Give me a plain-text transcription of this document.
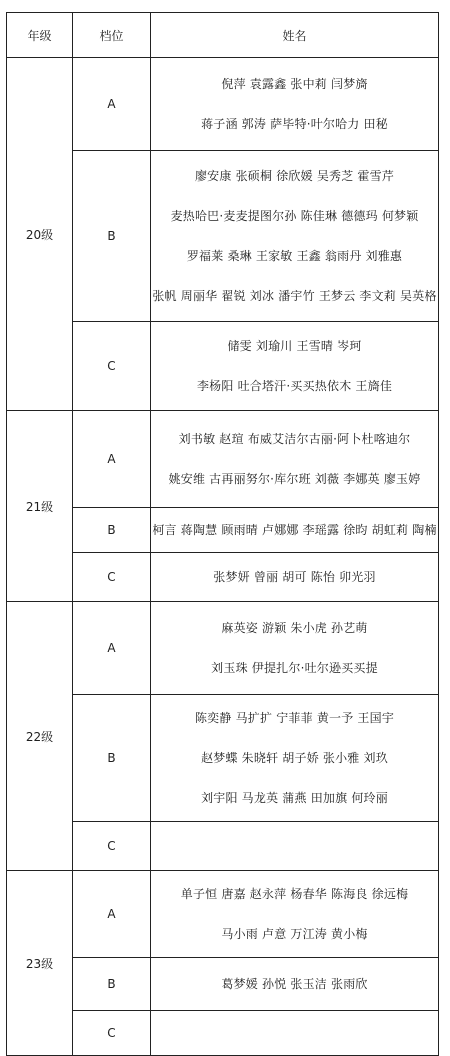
年级	档位	姓名
20级	A	倪萍 袁露鑫 张中莉 闫梦旖
蒋子涵 郭涛 萨毕特·叶尔哈力 田秘

	B	廖安康 张硕桐 徐欣媛 吴秀芝 霍雪芹
麦热哈巴·麦麦提图尔孙 陈佳琳 德德玛 何梦颖
罗福莱 桑琳 王家敏 王鑫 翁雨丹 刘雅惠
张帆 周丽华 翟锐 刘冰 潘宇竹 王梦云 李文莉 吴英格

	C	储雯 刘瑜川 王雪晴 岑珂
李杨阳 吐合塔汗·买买热依木 王旖佳

21级	A	刘书敏 赵瑄 布威艾洁尔古丽·阿卜杜喀迪尔
姚安维 古再丽努尔·库尔班 刘薇 李娜英 廖玉婷

	B	柯言 蒋陶慧 顾雨晴 卢娜娜 李瑶露 徐昀 胡虹莉 陶楠

	C	张梦妍 曾丽 胡可 陈怡 卯光羽

22级	A	麻英姿 游颖 朱小虎 孙艺萌
刘玉珠 伊提扎尔·吐尔逊买买提

	B	陈奕静 马扩扩 宁菲菲 黄一予 王国宇
赵梦蝶 朱晓轩 胡子娇 张小雅 刘玖
刘宇阳 马龙英 蒲燕 田加旗 何玲丽

	C	
23级	A	单子恒 唐嘉 赵永萍 杨春华 陈海良 徐远梅
马小雨 卢意 万江涛 黄小梅

	B	葛梦媛 孙悦 张玉洁 张雨欣

	C	
